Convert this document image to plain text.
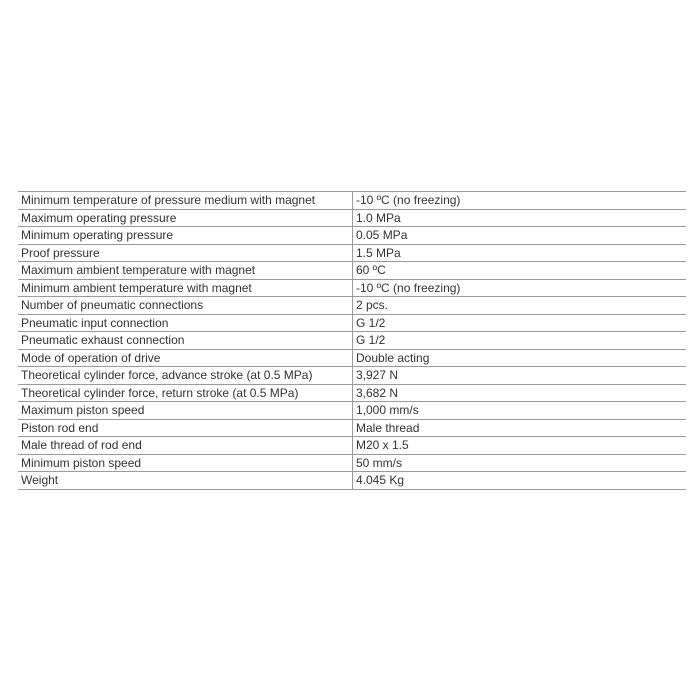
Minimum temperature of pressure medium with magnet	-10 ºC (no freezing)
Maximum operating pressure	1.0 MPa
Minimum operating pressure	0.05 MPa
Proof pressure	1.5 MPa
Maximum ambient temperature with magnet	60 ºC
Minimum ambient temperature with magnet	-10 ºC (no freezing)
Number of pneumatic connections	2 pcs.
Pneumatic input connection	G 1/2
Pneumatic exhaust connection	G 1/2
Mode of operation of drive	Double acting
Theoretical cylinder force, advance stroke (at 0.5 MPa)	3,927 N
Theoretical cylinder force, return stroke (at 0.5 MPa)	3,682 N
Maximum piston speed	1,000 mm/s
Piston rod end	Male thread
Male thread of rod end	M20 x 1.5
Minimum piston speed	50 mm/s
Weight	4.045 Kg
